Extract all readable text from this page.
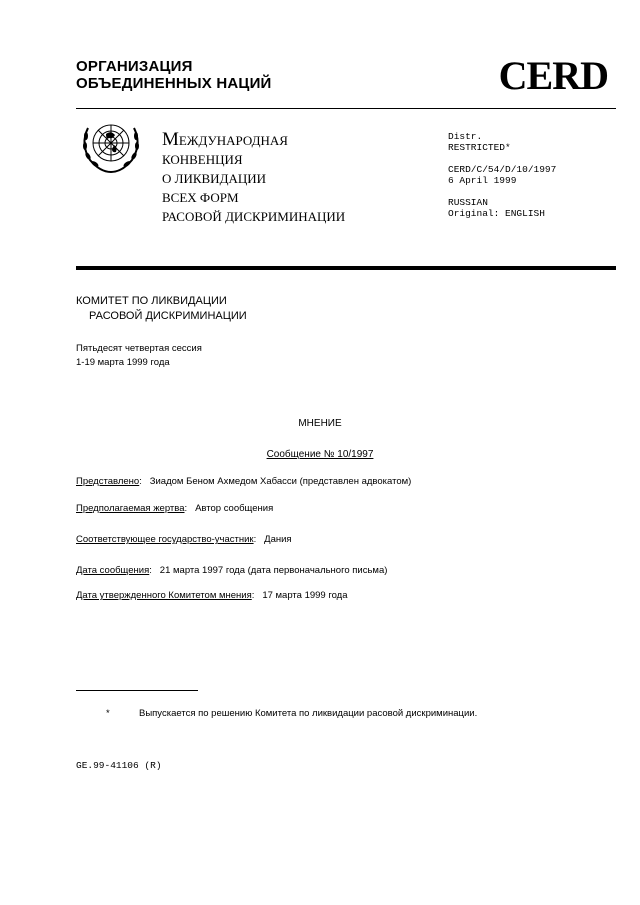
ОРГАНИЗАЦИЯ
ОБЪЕДИНЕННЫХ НАЦИЙ	CERD
МЕЖДУНАРОДНАЯ
КОНВЕНЦИЯ
О ЛИКВИДАЦИИ
ВСЕХ ФОРМ
РАСОВОЙ ДИСКРИМИНАЦИИ
Distr.
RESTRICTED*
CERD/C/54/D/10/1997
6 April 1999
RUSSIAN
Original: ENGLISH
КОМИТЕТ ПО ЛИКВИДАЦИИ
РАСОВОЙ ДИСКРИМИНАЦИИ
Пятьдесят четвертая сессия
1-19 марта 1999 года
МНЕНИЕ
Сообщение № 10/1997
Представлено:   Зиадом Беном Ахмедом Хабасси (представлен адвокатом)
Предполагаемая жертва:   Автор сообщения
Соответствующее государство-участник:   Дания
Дата сообщения:   21 марта 1997 года (дата первоначального письма)
Дата утвержденного Комитетом мнения:   17 марта 1999 года
*	Выпускается по решению Комитета по ликвидации расовой дискриминации.
GE.99-41106 (R)
